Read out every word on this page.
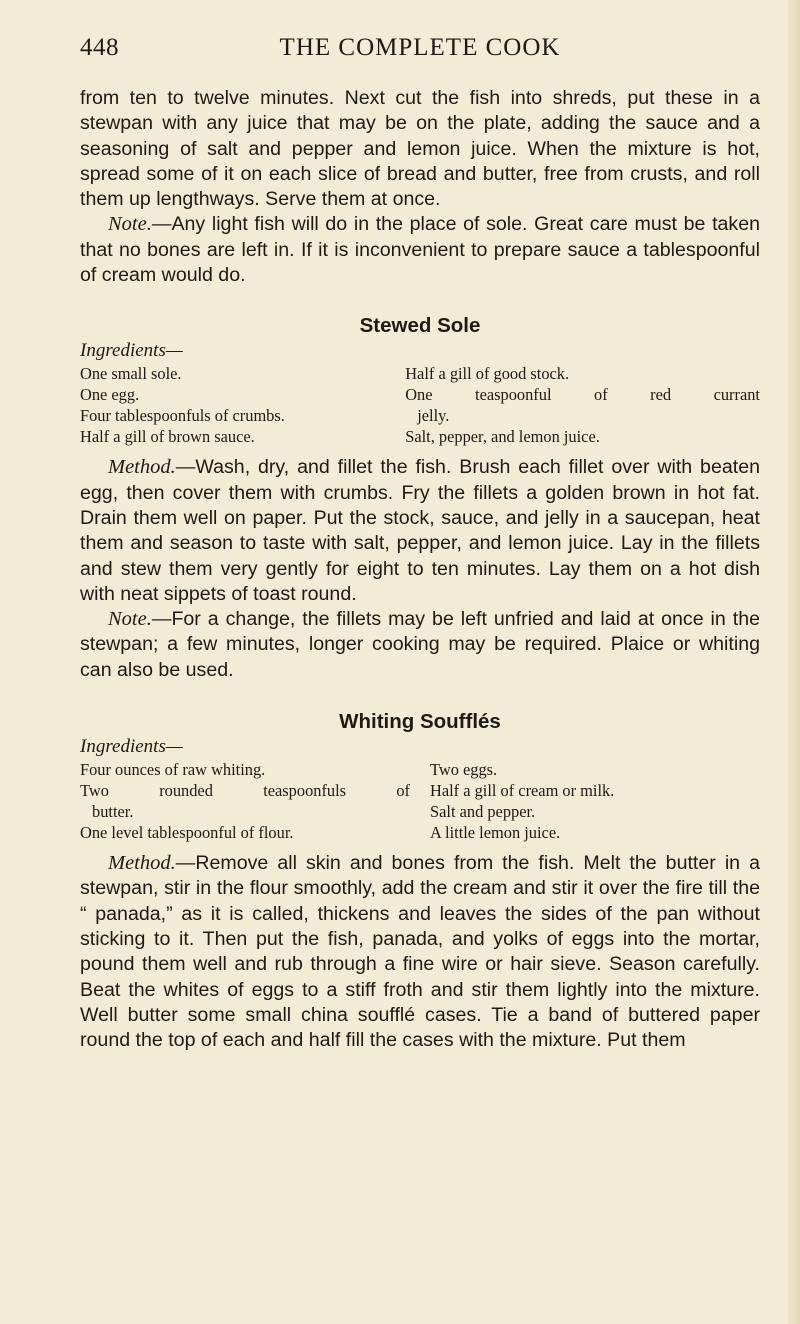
448	THE COMPLETE COOK

from ten to twelve minutes. Next cut the fish into shreds, put these in a stewpan with any juice that may be on the plate, adding the sauce and a seasoning of salt and pepper and lemon juice. When the mixture is hot, spread some of it on each slice of bread and butter, free from crusts, and roll them up lengthways. Serve them at once.

Note.—Any light fish will do in the place of sole. Great care must be taken that no bones are left in. If it is inconvenient to prepare sauce a tablespoonful of cream would do.

Stewed Sole
Ingredients—
One small sole.
One egg.
Four tablespoonfuls of crumbs.
Half a gill of brown sauce.
Half a gill of good stock.
One teaspoonful of red currant
jelly.
Salt, pepper, and lemon juice.

Method.—Wash, dry, and fillet the fish. Brush each fillet over with beaten egg, then cover them with crumbs. Fry the fillets a golden brown in hot fat. Drain them well on paper. Put the stock, sauce, and jelly in a saucepan, heat them and season to taste with salt, pepper, and lemon juice. Lay in the fillets and stew them very gently for eight to ten minutes. Lay them on a hot dish with neat sippets of toast round.

Note.—For a change, the fillets may be left unfried and laid at once in the stewpan; a few minutes, longer cooking may be required. Plaice or whiting can also be used.

Whiting Soufflés
Ingredients—
Four ounces of raw whiting.
Two rounded teaspoonfuls of
butter.
One level tablespoonful of flour.
Two eggs.
Half a gill of cream or milk.
Salt and pepper.
A little lemon juice.

Method.—Remove all skin and bones from the fish. Melt the butter in a stewpan, stir in the flour smoothly, add the cream and stir it over the fire till the “ panada,” as it is called, thickens and leaves the sides of the pan without sticking to it. Then put the fish, panada, and yolks of eggs into the mortar, pound them well and rub through a fine wire or hair sieve. Season carefully. Beat the whites of eggs to a stiff froth and stir them lightly into the mixture. Well butter some small china soufflé cases. Tie a band of buttered paper round the top of each and half fill the cases with the mixture. Put them
